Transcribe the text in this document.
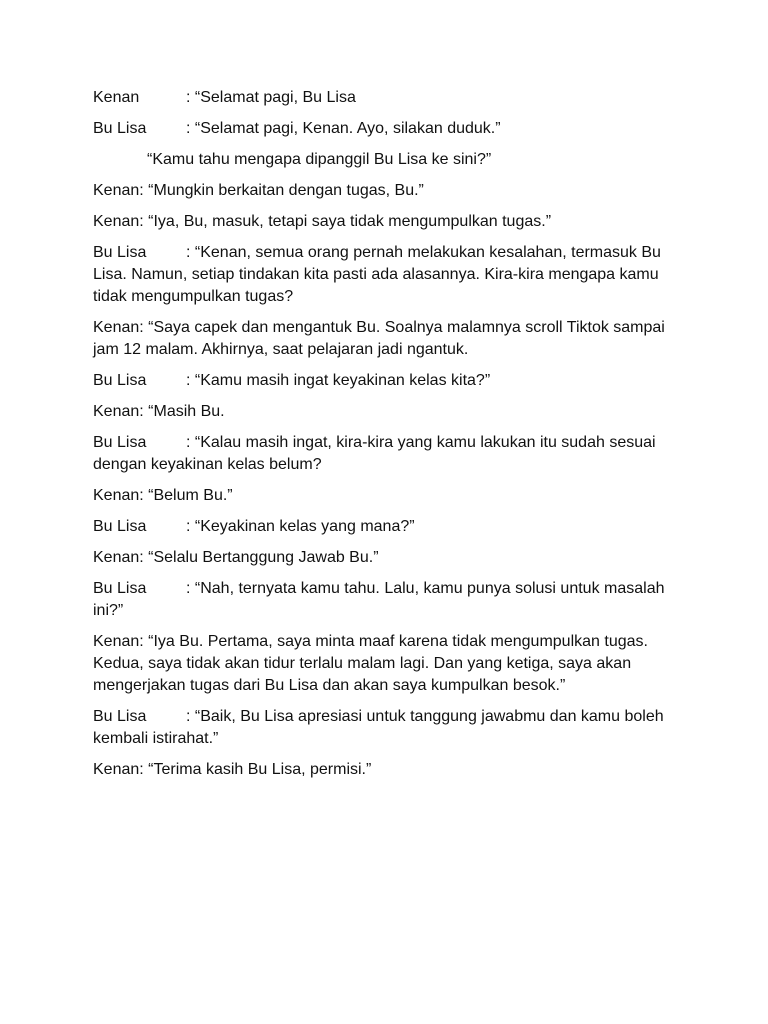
Kenan	: “Selamat pagi, Bu Lisa

Bu Lisa : “Selamat pagi, Kenan. Ayo, silakan duduk.”

“Kamu tahu mengapa dipanggil Bu Lisa ke sini?”

Kenan: “Mungkin berkaitan dengan tugas, Bu.”

Kenan: “Iya, Bu, masuk, tetapi saya tidak mengumpulkan tugas.”

Bu Lisa : “Kenan, semua orang pernah melakukan kesalahan, termasuk Bu Lisa. Namun, setiap tindakan kita pasti ada alasannya. Kira-kira mengapa kamu tidak mengumpulkan tugas?

Kenan: “Saya capek dan mengantuk Bu. Soalnya malamnya scroll Tiktok sampai jam 12 malam. Akhirnya, saat pelajaran jadi ngantuk.

Bu Lisa : “Kamu masih ingat keyakinan kelas kita?”

Kenan: “Masih Bu.

Bu Lisa : “Kalau masih ingat, kira-kira yang kamu lakukan itu sudah sesuai dengan keyakinan kelas belum?

Kenan: “Belum Bu.”

Bu Lisa : “Keyakinan kelas yang mana?”

Kenan: “Selalu Bertanggung Jawab Bu.”

Bu Lisa : “Nah, ternyata kamu tahu. Lalu, kamu punya solusi untuk masalah ini?”

Kenan: “Iya Bu. Pertama, saya minta maaf karena tidak mengumpulkan tugas. Kedua, saya tidak akan tidur terlalu malam lagi. Dan yang ketiga, saya akan mengerjakan tugas dari Bu Lisa dan akan saya kumpulkan besok.”

Bu Lisa : “Baik, Bu Lisa apresiasi untuk tanggung jawabmu dan kamu boleh kembali istirahat.”

Kenan: “Terima kasih Bu Lisa, permisi.”
